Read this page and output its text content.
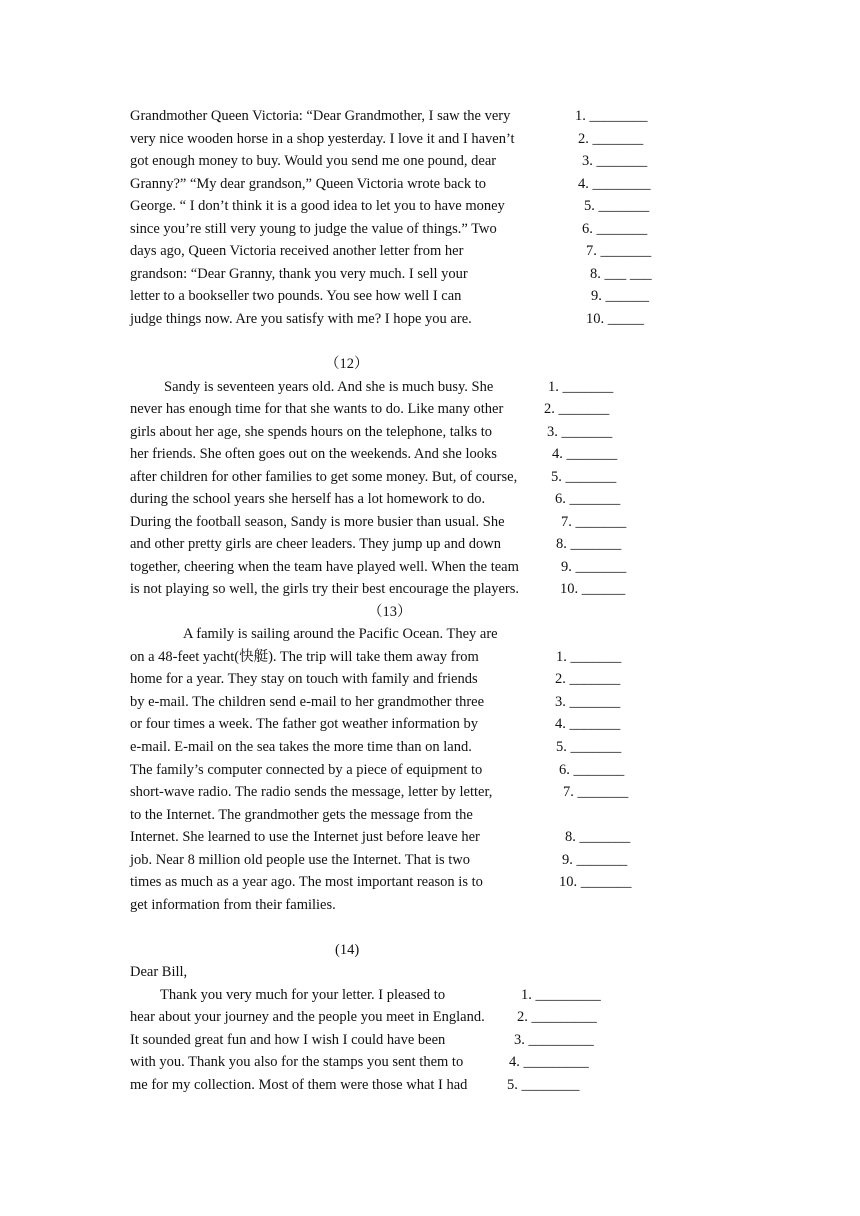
Grandmother Queen Victoria: “Dear Grandmother, I saw the very
very nice wooden horse in a shop yesterday. I love it and I haven’t
got enough money to buy. Would you send me one pound, dear
Granny?” “My dear grandson,” Queen Victoria wrote back to
George. “ I don’t think it is a good idea to let you to have money
since you’re still very young to judge the value of things.” Two
days ago, Queen Victoria received another letter from her
grandson: “Dear Granny, thank you very much. I sell your
letter to a bookseller two pounds. You see how well I can
judge things now. Are you satisfy with me? I hope you are.
1. ________
2. _______
3. _______
4. ________
5. _______
6. _______
7. _______
8. ___ ___
9. ______
10. _____
（12）
Sandy is seventeen years old. And she is much busy. She
never has enough time for that she wants to do. Like many other
girls about her age, she spends hours on the telephone, talks to
her friends. She often goes out on the weekends. And she looks
after children for other families to get some money. But, of course,
during the school years she herself has a lot homework to do.
During the football season, Sandy is more busier than usual. She
and other pretty girls are cheer leaders. They jump up and down
together, cheering when the team have played well. When the team
is not playing so well, the girls try their best encourage the players.
1. _______
2. _______
3. _______
4. _______
5. _______
6. _______
7. _______
8. _______
9. _______
10. ______
（13）
A family is sailing around the Pacific Ocean. They are
on a 48-feet yacht(快艇). The trip will take them away from
home for a year. They stay on touch with family and friends
by e-mail. The children send e-mail to her grandmother three
or four times a week. The father got weather information by
e-mail. E-mail on the sea takes the more time than on land.
The family’s computer connected by a piece of equipment to
short-wave radio. The radio sends the message, letter by letter,
to the Internet. The grandmother gets the message from the
Internet. She learned to use the Internet just before leave her
job. Near 8 million old people use the Internet. That is two
times as much as a year ago. The most important reason is to
get information from their families.
1. _______
2. _______
3. _______
4. _______
5. _______
6. _______
7. _______
8. _______
9. _______
10. _______
(14)
Dear Bill,
Thank you very much for your letter. I pleased to
hear about your journey and the people you meet in England.
It sounded great fun and how I wish I could have been
with you. Thank you also for the stamps you sent them to
me for my collection. Most of them were those what I had
1. _________
2. _________
3. _________
4. _________
5. ________
